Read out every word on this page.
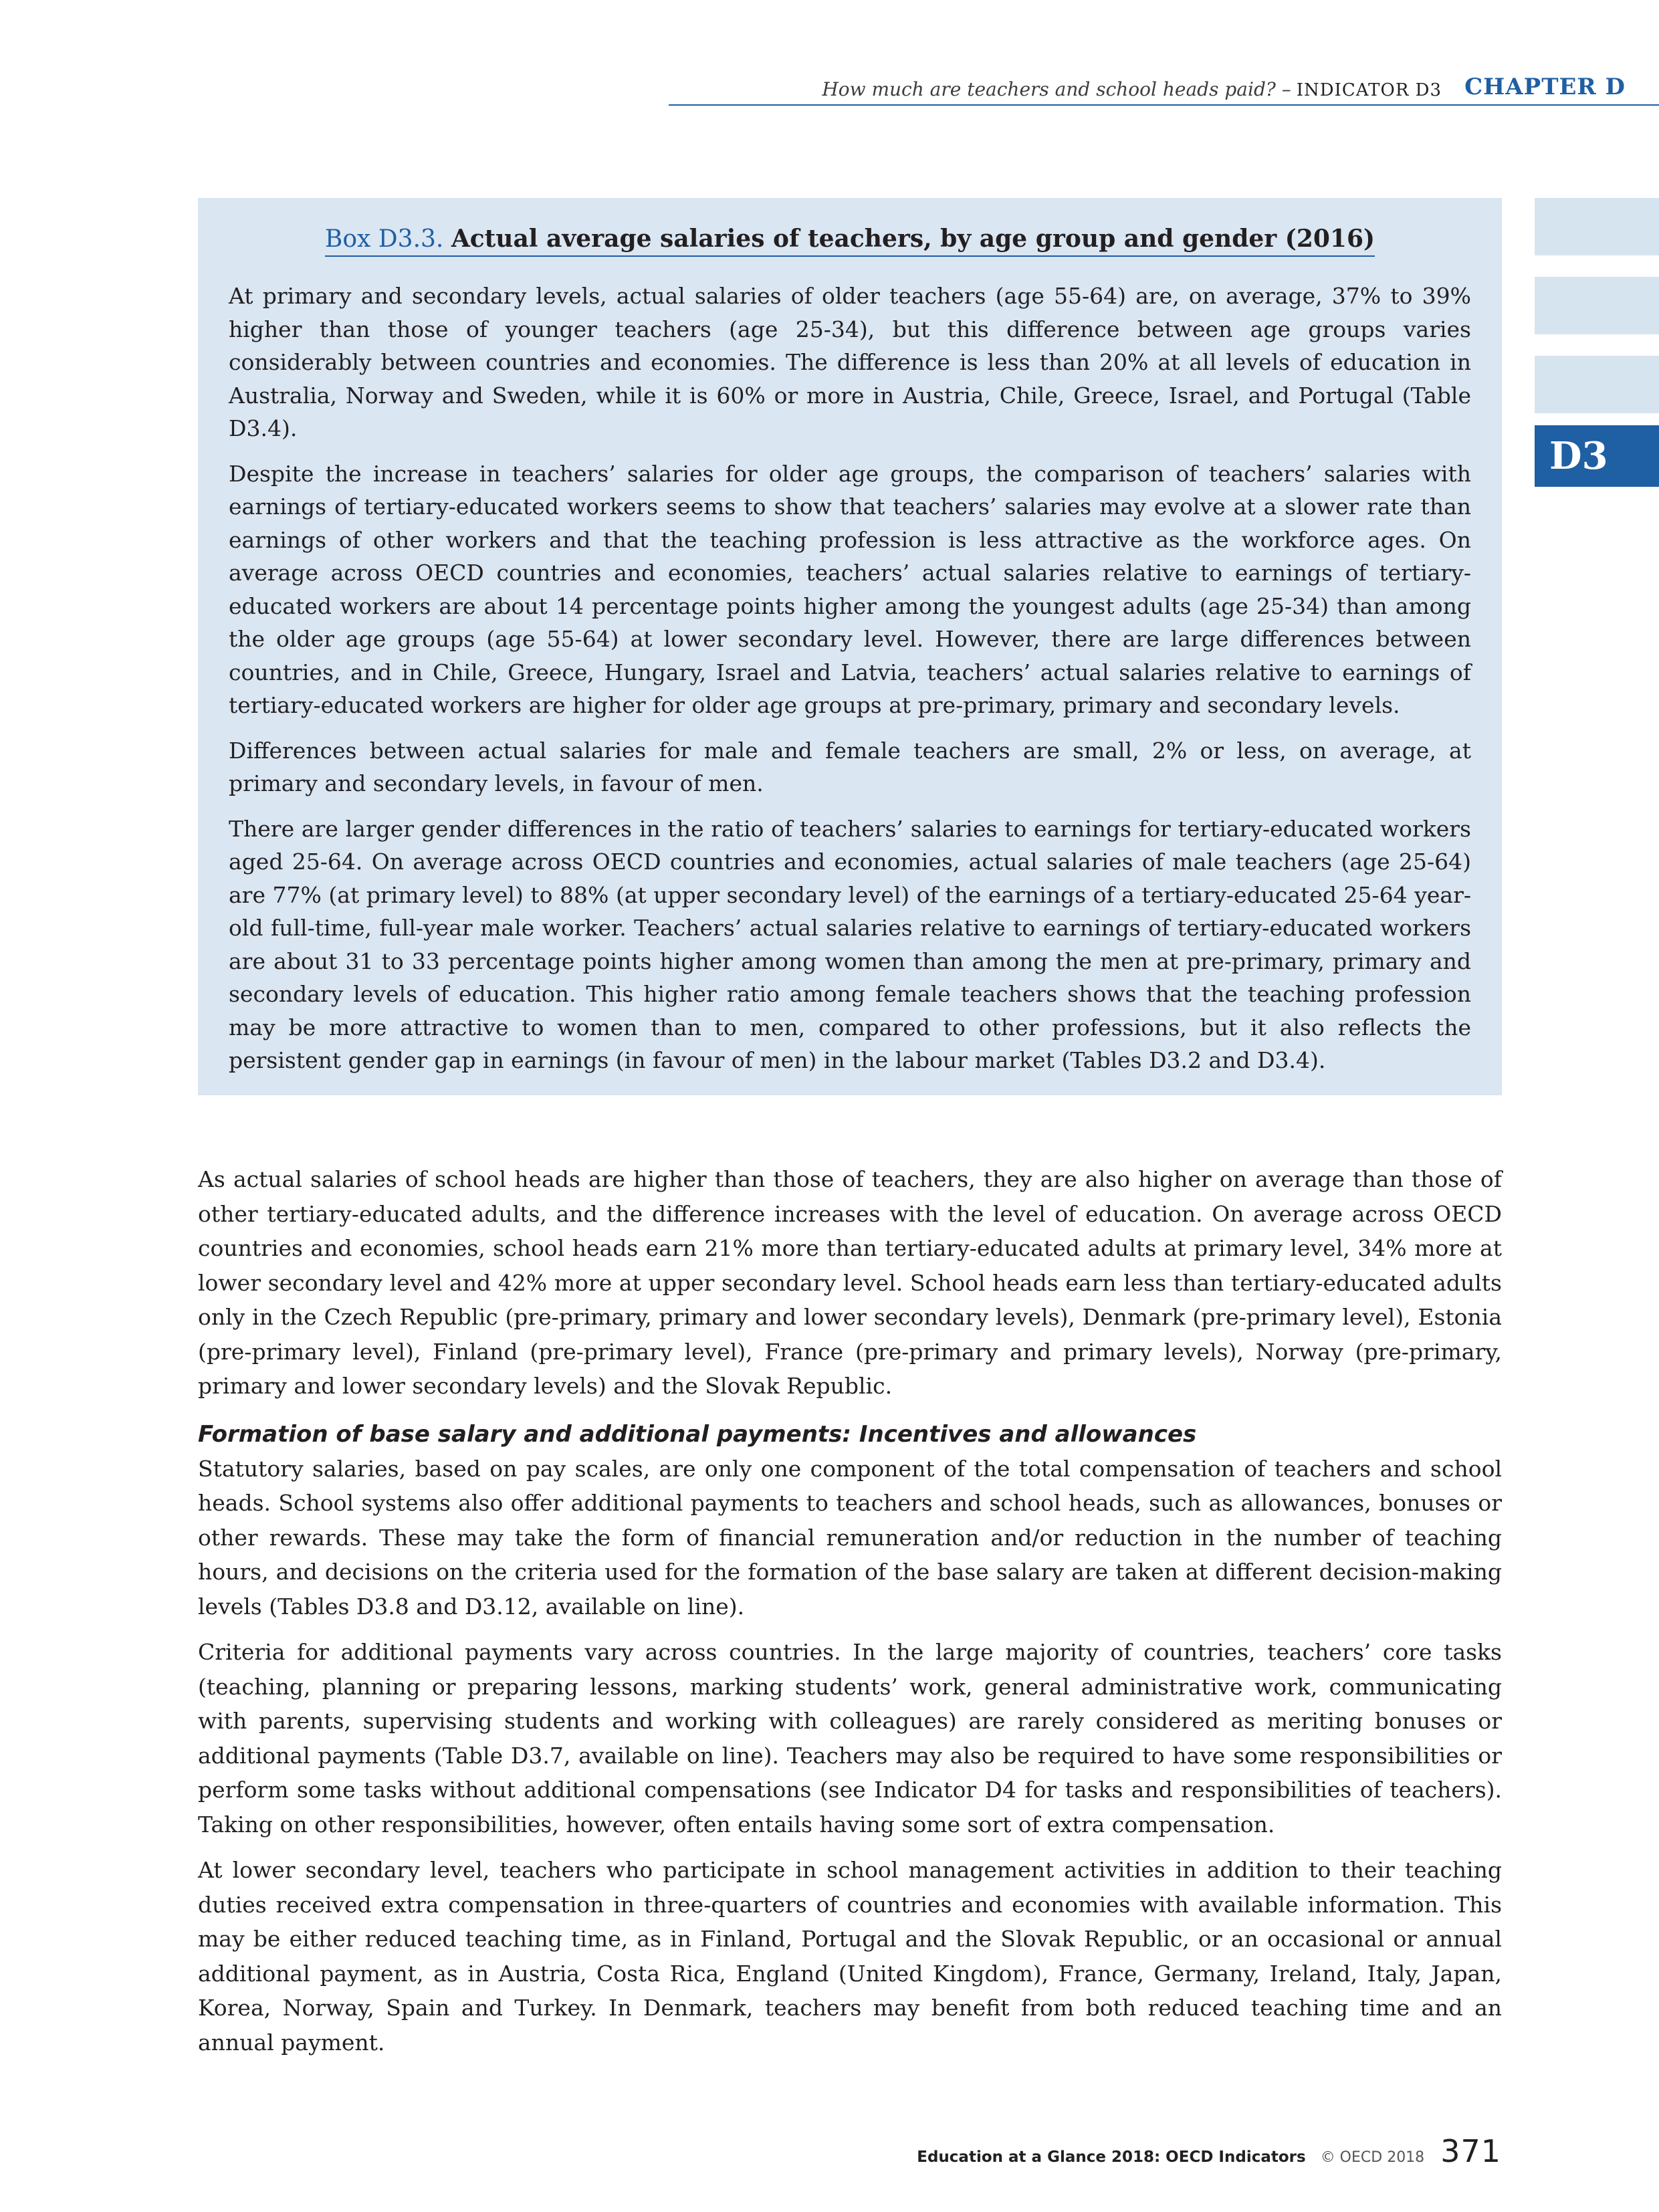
How much are teachers and school heads paid? – INDICATOR D3 CHAPTER D
D3
Box D3.3. Actual average salaries of teachers, by age group and gender (2016)

At primary and secondary levels, actual salaries of older teachers (age 55-64) are, on average, 37% to 39% higher than those of younger teachers (age 25-34), but this difference between age groups varies considerably between countries and economies. The difference is less than 20% at all levels of education in Australia, Norway and Sweden, while it is 60% or more in Austria, Chile, Greece, Israel, and Portugal (Table D3.4).

Despite the increase in teachers’ salaries for older age groups, the comparison of teachers’ salaries with earnings of tertiary-educated workers seems to show that teachers’ salaries may evolve at a slower rate than earnings of other workers and that the teaching profession is less attractive as the workforce ages. On average across OECD countries and economies, teachers’ actual salaries relative to earnings of tertiary-educated workers are about 14 percentage points higher among the youngest adults (age 25-34) than among the older age groups (age 55-64) at lower secondary level. However, there are large differences between countries, and in Chile, Greece, Hungary, Israel and Latvia, teachers’ actual salaries relative to earnings of tertiary-educated workers are higher for older age groups at pre-primary, primary and secondary levels.

Differences between actual salaries for male and female teachers are small, 2% or less, on average, at primary and secondary levels, in favour of men.

There are larger gender differences in the ratio of teachers’ salaries to earnings for tertiary-educated workers aged 25-64. On average across OECD countries and economies, actual salaries of male teachers (age 25-64) are 77% (at primary level) to 88% (at upper secondary level) of the earnings of a tertiary-educated 25-64 year-old full-time, full-year male worker. Teachers’ actual salaries relative to earnings of tertiary-educated workers are about 31 to 33 percentage points higher among women than among the men at pre-primary, primary and secondary levels of education. This higher ratio among female teachers shows that the teaching profession may be more attractive to women than to men, compared to other professions, but it also reflects the persistent gender gap in earnings (in favour of men) in the labour market (Tables D3.2 and D3.4).

As actual salaries of school heads are higher than those of teachers, they are also higher on average than those of other tertiary-educated adults, and the difference increases with the level of education. On average across OECD countries and economies, school heads earn 21% more than tertiary-educated adults at primary level, 34% more at lower secondary level and 42% more at upper secondary level. School heads earn less than tertiary-educated adults only in the Czech Republic (pre-primary, primary and lower secondary levels), Denmark (pre-primary level), Estonia (pre-primary level), Finland (pre-primary level), France (pre-primary and primary levels), Norway (pre-primary, primary and lower secondary levels) and the Slovak Republic.

Formation of base salary and additional payments: Incentives and allowances

Statutory salaries, based on pay scales, are only one component of the total compensation of teachers and school heads. School systems also offer additional payments to teachers and school heads, such as allowances, bonuses or other rewards. These may take the form of financial remuneration and/or reduction in the number of teaching hours, and decisions on the criteria used for the formation of the base salary are taken at different decision-making levels (Tables D3.8 and D3.12, available on line).

Criteria for additional payments vary across countries. In the large majority of countries, teachers’ core tasks (teaching, planning or preparing lessons, marking students’ work, general administrative work, communicating with parents, supervising students and working with colleagues) are rarely considered as meriting bonuses or additional payments (Table D3.7, available on line). Teachers may also be required to have some responsibilities or perform some tasks without additional compensations (see Indicator D4 for tasks and responsibilities of teachers). Taking on other responsibilities, however, often entails having some sort of extra compensation.

At lower secondary level, teachers who participate in school management activities in addition to their teaching duties received extra compensation in three-quarters of countries and economies with available information. This may be either reduced teaching time, as in Finland, Portugal and the Slovak Republic, or an occasional or annual additional payment, as in Austria, Costa Rica, England (United Kingdom), France, Germany, Ireland, Italy, Japan, Korea, Norway, Spain and Turkey. In Denmark, teachers may benefit from both reduced teaching time and an annual payment.

Education at a Glance 2018: OECD Indicators © OECD 2018 371
